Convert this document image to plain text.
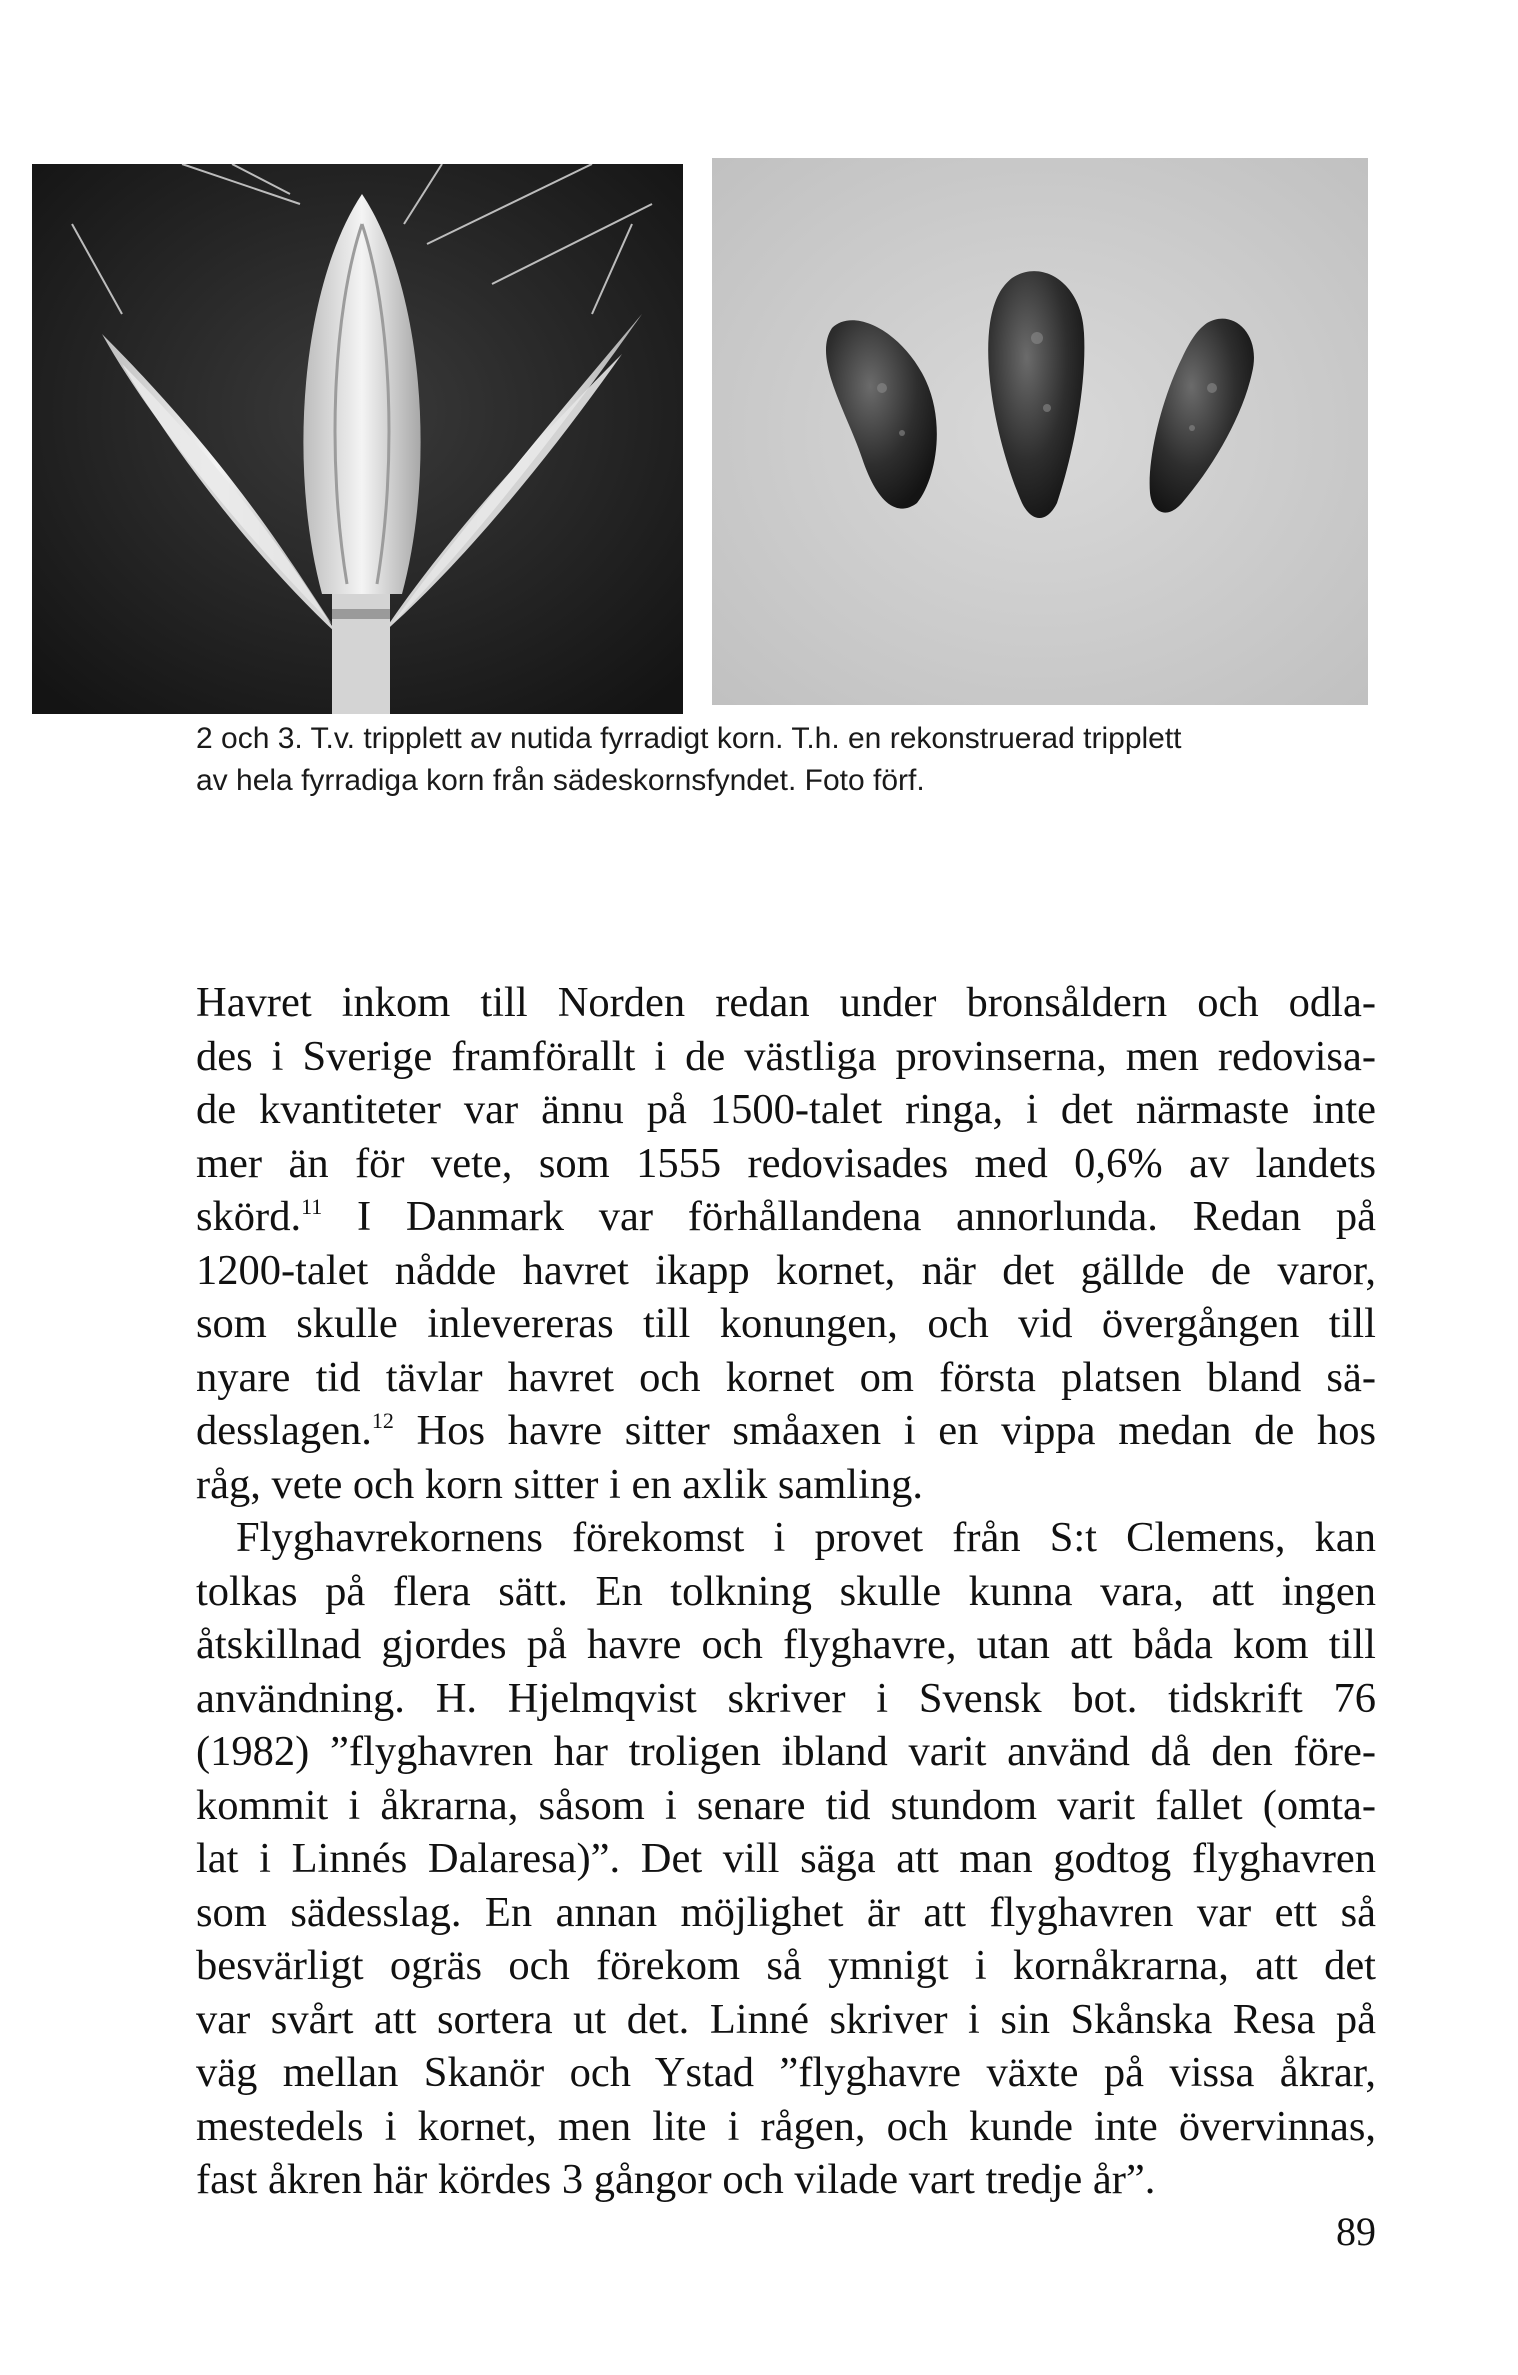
2 och 3. T.v. tripplett av nutida fyrradigt korn. T.h. en rekonstruerad tripplett

av hela fyrradiga korn från sädeskornsfyndet. Foto förf.

Havret inkom till Norden redan under bronsåldern och odla-

des i Sverige framförallt i de västliga provinserna, men redovisa-

de kvantiteter var ännu på 1500-talet ringa, i det närmaste inte

mer än för vete, som 1555 redovisades med 0,6% av landets

skörd.$^{11}$ I Danmark var förhållandena annorlunda. Redan på

1200-talet nådde havret ikapp kornet, när det gällde de varor,

som skulle inlevereras till konungen, och vid övergången till

nyare tid tävlar havret och kornet om första platsen bland sä-

desslagen.$^{12}$ Hos havre sitter småaxen i en vippa medan de hos

råg, vete och korn sitter i en axlik samling.

Flyghavrekornens förekomst i provet från S:t Clemens, kan

tolkas på flera sätt. En tolkning skulle kunna vara, att ingen

åtskillnad gjordes på havre och flyghavre, utan att båda kom till

användning. H. Hjelmqvist skriver i Svensk bot. tidskrift 76

(1982) ”flyghavren har troligen ibland varit använd då den före-

kommit i åkrarna, såsom i senare tid stundom varit fallet (omta-

lat i Linnés Dalaresa)”. Det vill säga att man godtog flyghavren

som sädesslag. En annan möjlighet är att flyghavren var ett så

besvärligt ogräs och förekom så ymnigt i kornåkrarna, att det

var svårt att sortera ut det. Linné skriver i sin Skånska Resa på

väg mellan Skanör och Ystad ”flyghavre växte på vissa åkrar,

mestedels i kornet, men lite i rågen, och kunde inte övervinnas,

fast åkren här kördes 3 gångor och vilade vart tredje år”.

89
